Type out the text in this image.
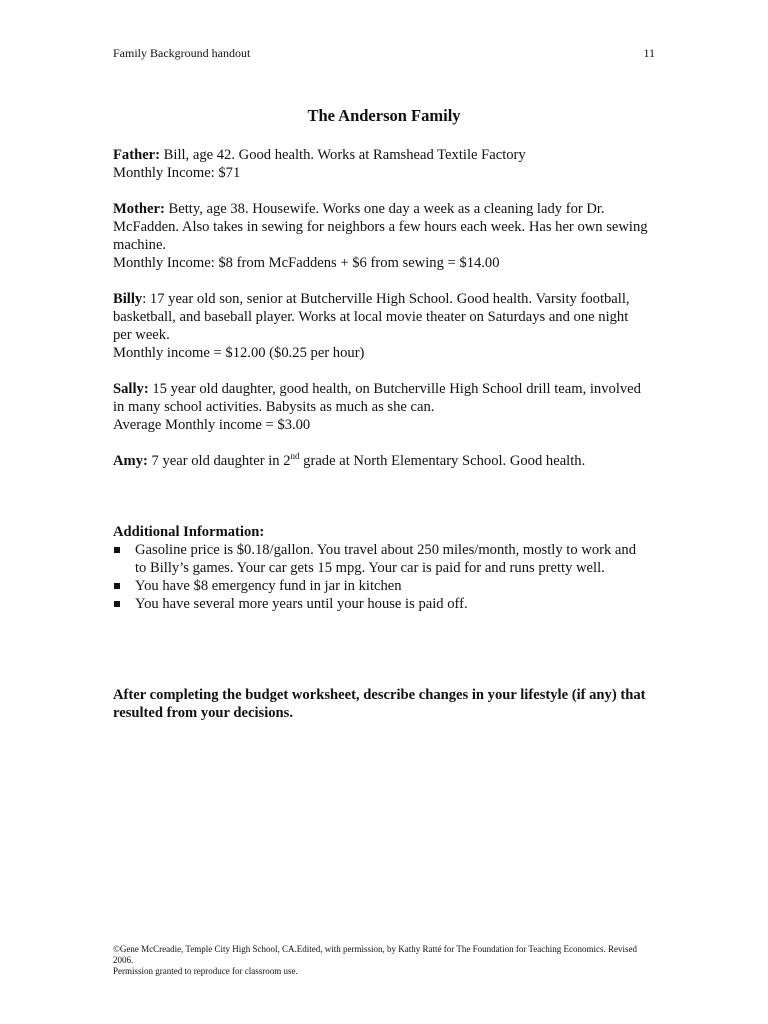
Family Background handout	11
The Anderson Family

Father: Bill, age 42. Good health. Works at Ramshead Textile Factory

Monthly Income: $71

Mother: Betty, age 38. Housewife. Works one day a week as a cleaning lady for Dr. McFadden. Also takes in sewing for neighbors a few hours each week. Has her own sewing machine.

Monthly Income: $8 from McFaddens + $6 from sewing = $14.00

Billy: 17 year old son, senior at Butcherville High School. Good health. Varsity football, basketball, and baseball player. Works at local movie theater on Saturdays and one night per week.

Monthly income = $12.00 ($0.25 per hour)

Sally: 15 year old daughter, good health, on Butcherville High School drill team, involved in many school activities. Babysits as much as she can.

Average Monthly income = $3.00

Amy: 7 year old daughter in 2nd grade at North Elementary School. Good health.

Additional Information:
Gasoline price is $0.18/gallon. You travel about 250 miles/month, mostly to work and to Billy’s games. Your car gets 15 mpg. Your car is paid for and runs pretty well.
You have $8 emergency fund in jar in kitchen
You have several more years until your house is paid off.
After completing the budget worksheet, describe changes in your lifestyle (if any) that resulted from your decisions.

©Gene McCreadie, Temple City High School, CA.Edited, with permission, by Kathy Ratté for The Foundation for Teaching Economics. Revised 2006.

Permission granted to reproduce for classroom use.
